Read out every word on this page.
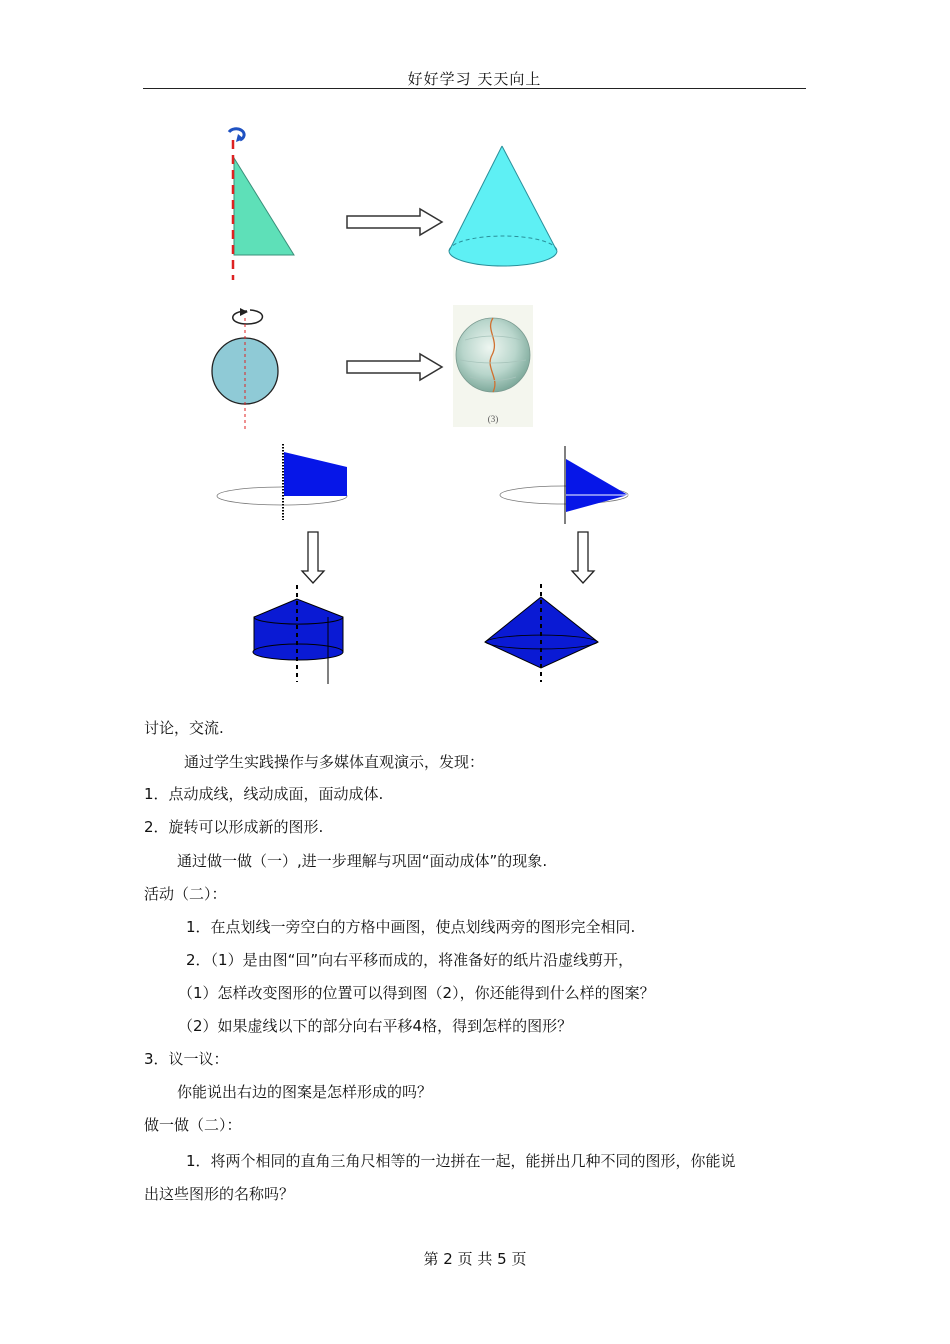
好好学习 天天向上
(3)
讨论，交流.
通过学生实践操作与多媒体直观演示，发现：
1．点动成线，线动成面，面动成体.
2．旋转可以形成新的图形.
通过做一做（一）,进一步理解与巩固“面动成体”的现象.
活动（二）：
1．在点划线一旁空白的方格中画图，使点划线两旁的图形完全相同.
2．（1）是由图“回”向右平移而成的，将准备好的纸片沿虚线剪开，
（1）怎样改变图形的位置可以得到图（2），你还能得到什么样的图案？
（2）如果虚线以下的部分向右平移4格，得到怎样的图形？
3．议一议：
你能说出右边的图案是怎样形成的吗？
做一做（二）：
1．将两个相同的直角三角尺相等的一边拼在一起，能拼出几种不同的图形，你能说
出这些图形的名称吗？
第 2 页 共 5 页
